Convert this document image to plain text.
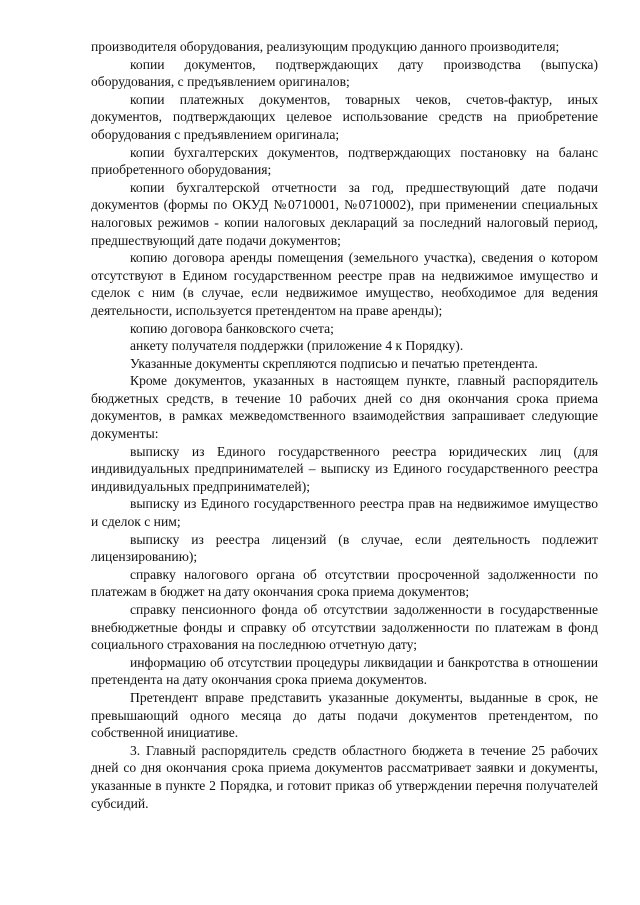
производителя оборудования, реализующим продукцию данного производителя;

копии документов, подтверждающих дату производства (выпуска) оборудования, с предъявлением оригиналов;

копии платежных документов, товарных чеков, счетов-фактур, иных документов, подтверждающих целевое использование средств на приобретение оборудования с предъявлением оригинала;

копии бухгалтерских документов, подтверждающих постановку на баланс приобретенного оборудования;

копии бухгалтерской отчетности за год, предшествующий дате подачи документов (формы по ОКУД №0710001, №0710002), при применении специальных налоговых режимов - копии налоговых деклараций за последний налоговый период, предшествующий дате подачи документов;

копию договора аренды помещения (земельного участка), сведения о котором отсутствуют в Едином государственном реестре прав на недвижимое имущество и сделок с ним (в случае, если недвижимое имущество, необходимое для ведения деятельности, используется претендентом на праве аренды);

копию договора банковского счета;

анкету получателя поддержки (приложение 4 к Порядку).

Указанные документы скрепляются подписью и печатью претендента.

Кроме документов, указанных в настоящем пункте, главный распорядитель бюджетных средств, в течение 10 рабочих дней со дня окончания срока приема документов, в рамках межведомственного взаимодействия запрашивает следующие документы:

выписку из Единого государственного реестра юридических лиц (для индивидуальных предпринимателей – выписку из Единого государственного реестра индивидуальных предпринимателей);

выписку из Единого государственного реестра прав на недвижимое имущество и сделок с ним;

выписку из реестра лицензий (в случае, если деятельность подлежит лицензированию);

справку налогового органа об отсутствии просроченной задолженности по платежам в бюджет на дату окончания срока приема документов;

справку пенсионного фонда об отсутствии задолженности в государственные внебюджетные фонды и справку об отсутствии задолженности по платежам в фонд социального страхования на последнюю отчетную дату;

информацию об отсутствии процедуры ликвидации и банкротства в отношении претендента на дату окончания срока приема документов.

Претендент вправе представить указанные документы, выданные в срок, не превышающий одного месяца до даты подачи документов претендентом, по собственной инициативе.

3. Главный распорядитель средств областного бюджета в течение 25 рабочих дней со дня окончания срока приема документов рассматривает заявки и документы, указанные в пункте 2 Порядка, и готовит приказ об утверждении перечня получателей субсидий.
